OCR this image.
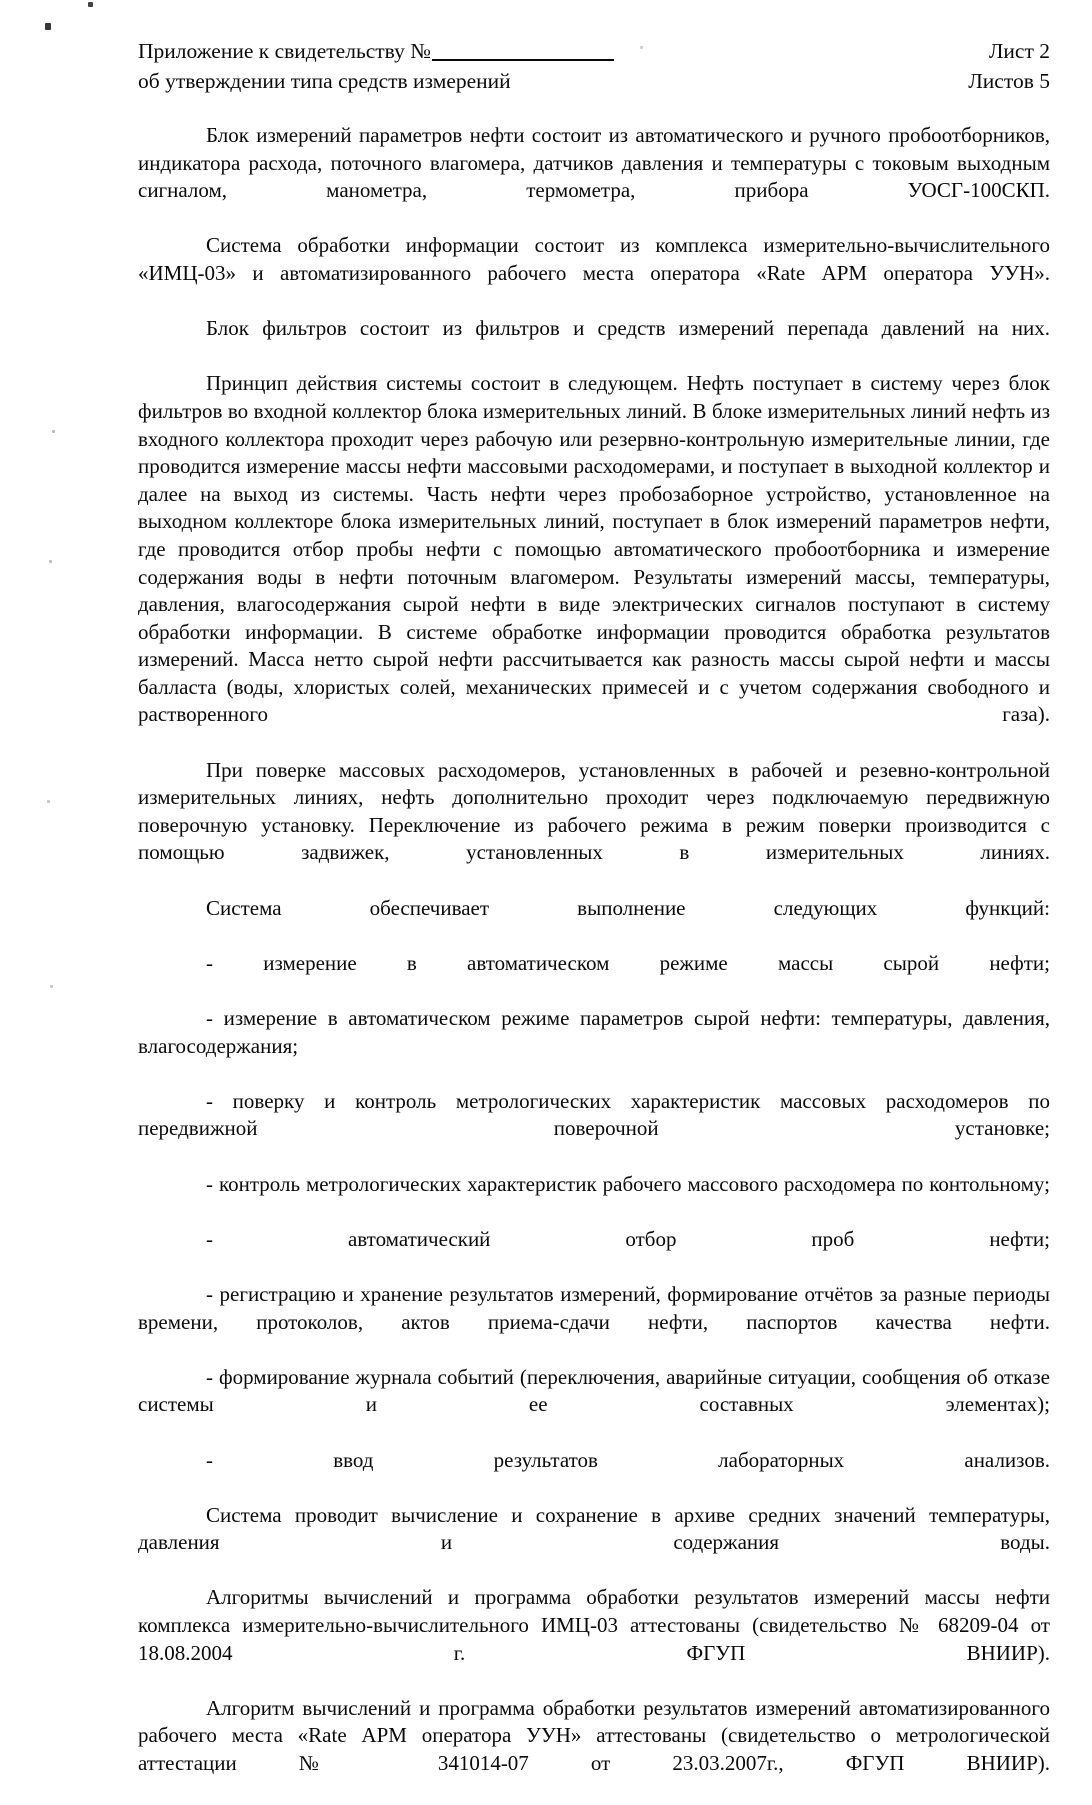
Приложение к свидетельству №
об утверждении типа средств измерений
Лист 2
Листов 5

Блок измерений параметров нефти состоит из автоматического и ручного пробоотборников, индикатора расхода, поточного влагомера, датчиков давления и температуры с токовым выходным сигналом, манометра, термометра, прибора УОСГ-100СКП.

Система обработки информации состоит из комплекса измерительно-вычислительного «ИМЦ-03» и автоматизированного рабочего места оператора «Rate АРМ оператора УУН».

Блок фильтров состоит из фильтров и средств измерений перепада давлений на них.

Принцип действия системы состоит в следующем. Нефть поступает в систему через блок фильтров во входной коллектор блока измерительных линий. В блоке измерительных линий нефть из входного коллектора проходит через рабочую или резервно-контрольную измерительные линии, где проводится измерение массы нефти массовыми расходомерами, и поступает в выходной коллектор и далее на выход из системы. Часть нефти через пробозаборное устройство, установленное на выходном коллекторе блока измерительных линий, поступает в блок измерений параметров нефти, где проводится отбор пробы нефти с помощью автоматического пробоотборника и измерение содержания воды в нефти поточным влагомером. Результаты измерений массы, температуры, давления, влагосодержания сырой нефти в виде электрических сигналов поступают в систему обработки информации. В системе обработке информации проводится обработка результатов измерений. Масса нетто сырой нефти рассчитывается как разность массы сырой нефти и массы балласта (воды, хлористых солей, механических примесей и с учетом содержания свободного и растворенного газа).

При поверке массовых расходомеров, установленных в рабочей и резевно-контрольной измерительных линиях, нефть дополнительно проходит через подключаемую передвижную поверочную установку. Переключение из рабочего режима в режим поверки производится с помощью задвижек, установленных в измерительных линиях.

Система обеспечивает выполнение следующих функций:

- измерение в автоматическом режиме массы сырой нефти;

- измерение в автоматическом режиме параметров сырой нефти: температуры, давления, влагосодержания;

- поверку и контроль метрологических характеристик массовых расходомеров по передвижной поверочной установке;

- контроль метрологических характеристик рабочего массового расходомера по контольному;

- автоматический отбор проб нефти;

- регистрацию и хранение результатов измерений, формирование отчётов за разные периоды времени, протоколов, актов приема-сдачи нефти, паспортов качества нефти.

- формирование журнала событий (переключения, аварийные ситуации, сообщения об отказе системы и ее составных элементах);

- ввод результатов лабораторных анализов.

Система проводит вычисление и сохранение в архиве средних значений температуры, давления и содержания воды.

Алгоритмы вычислений и программа обработки результатов измерений массы нефти комплекса измерительно-вычислительного ИМЦ-03 аттестованы (свидетельство № 68209-04 от 18.08.2004 г. ФГУП ВНИИР).

Алгоритм вычислений и программа обработки результатов измерений автоматизированного рабочего места «Rate АРМ оператора УУН» аттестованы (свидетельство о метрологической аттестации № 341014-07 от 23.03.2007г., ФГУП ВНИИР).
